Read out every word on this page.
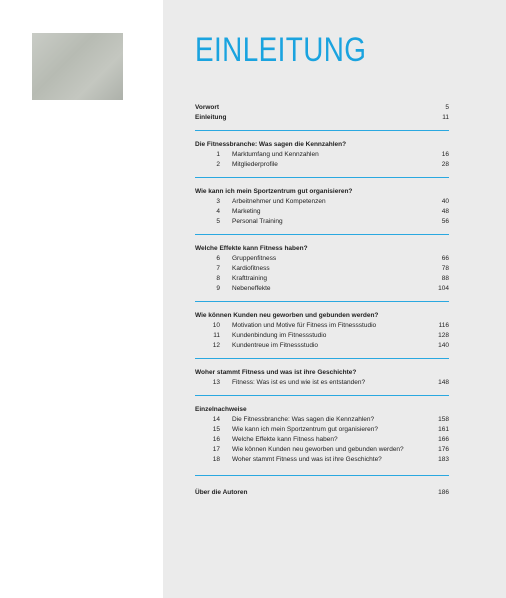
EINLEITUNG
Vorwort	5
Einleitung	11
Die Fitnessbranche: Was sagen die Kennzahlen?
1	Marktumfang und Kennzahlen	16
2	Mitgliederprofile	28
Wie kann ich mein Sportzentrum gut organisieren?
3	Arbeitnehmer und Kompetenzen	40
4	Marketing	48
5	Personal Training	56
Welche Effekte kann Fitness haben?
6	Gruppenfitness	66
7	Kardiofitness	78
8	Krafttraining	88
9	Nebeneffekte	104
Wie können Kunden neu geworben und gebunden werden?
10	Motivation und Motive für Fitness im Fitnessstudio	116
11	Kundenbindung im Fitnessstudio	128
12	Kundentreue im Fitnessstudio	140
Woher stammt Fitness und was ist ihre Geschichte?
13	Fitness: Was ist es und wie ist es entstanden?	148
Einzelnachweise
14	Die Fitnessbranche: Was sagen die Kennzahlen?	158
15	Wie kann ich mein Sportzentrum gut organisieren?	161
16	Welche Effekte kann Fitness haben?	166
17	Wie können Kunden neu geworben und gebunden werden?	176
18	Woher stammt Fitness und was ist ihre Geschichte?	183
Über die Autoren	186
